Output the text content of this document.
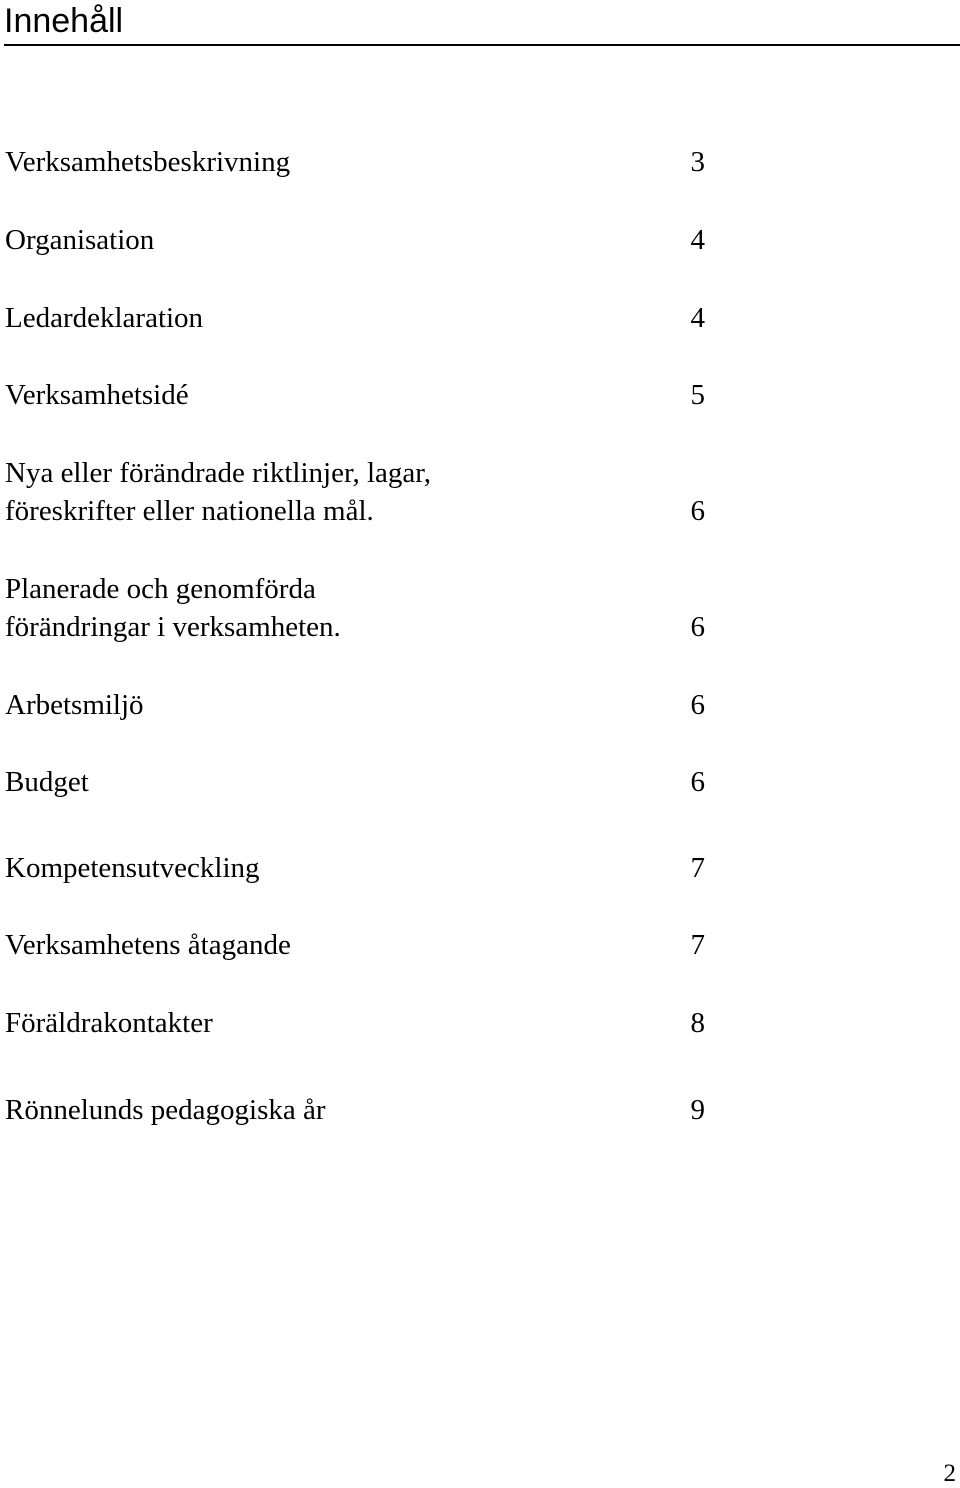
Innehåll
Verksamhetsbeskrivning	3
Organisation	4
Ledardeklaration	4
Verksamhetsidé	5
Nya eller förändrade riktlinjer, lagar,
föreskrifter eller nationella mål.	6
Planerade och genomförda
förändringar i verksamheten.	6
Arbetsmiljö	6
Budget	6
Kompetensutveckling	7
Verksamhetens åtagande	7
Föräldrakontakter	8
Rönnelunds pedagogiska år	9
2
